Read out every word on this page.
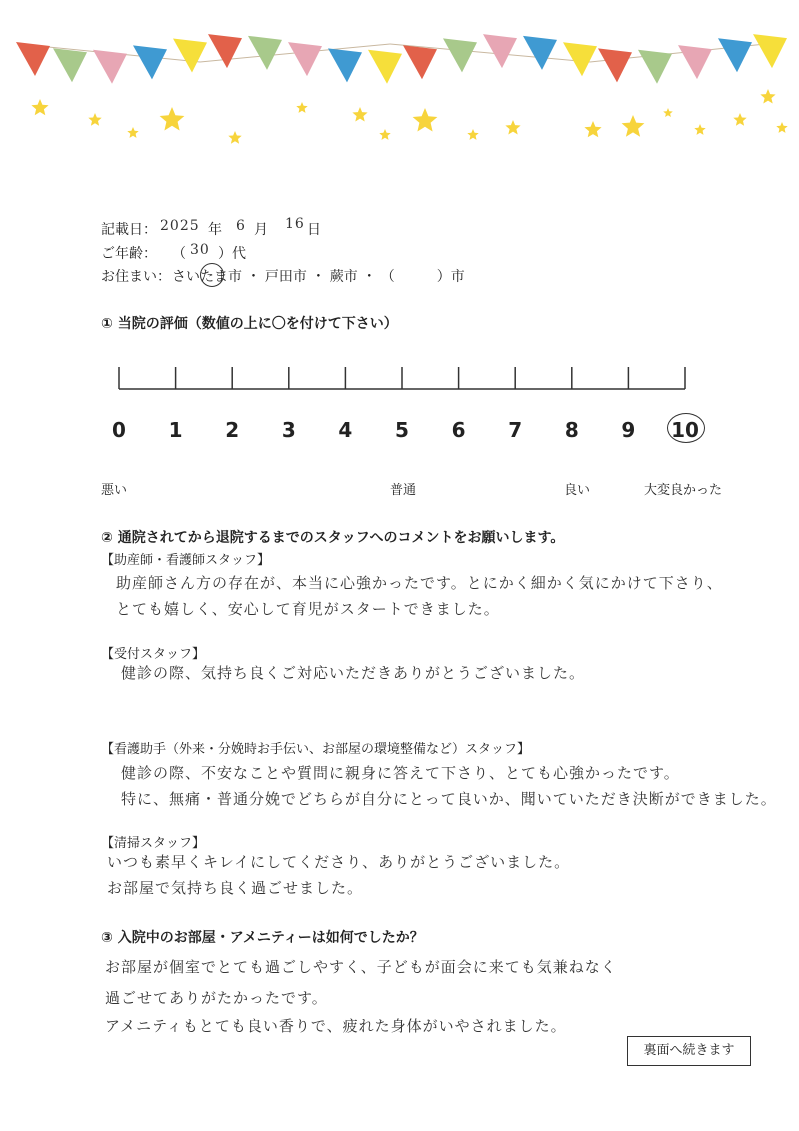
記載日： 2025 年 6 月 16 日
ご年齢： （ 30 ）代
お住まい： さいたま市 ・ 戸田市 ・ 蕨市 ・ （　　　）市
① 当院の評価（数値の上に〇を付けて下さい）
0	1	2	3	4	5	6	7	8	9	10
悪い	普通	良い	大変良かった
② 通院されてから退院するまでのスタッフへのコメントをお願いします。
【助産師・看護師スタッフ】
助産師さん方の存在が、本当に心強かったです。とにかく細かく気にかけて下さり、
とても嬉しく、安心して育児がスタートできました。
【受付スタッフ】
健診の際、気持ち良くご対応いただきありがとうございました。
【看護助手（外来・分娩時お手伝い、お部屋の環境整備など）スタッフ】
健診の際、不安なことや質問に親身に答えて下さり、とても心強かったです。
特に、無痛・普通分娩でどちらが自分にとって良いか、聞いていただき決断ができました。
【清掃スタッフ】
いつも素早くキレイにしてくださり、ありがとうございました。
お部屋で気持ち良く過ごせました。
③ 入院中のお部屋・アメニティーは如何でしたか？
お部屋が個室でとても過ごしやすく、子どもが面会に来ても気兼ねなく
過ごせてありがたかったです。
アメニティもとても良い香りで、疲れた身体がいやされました。
裏面へ続きます
